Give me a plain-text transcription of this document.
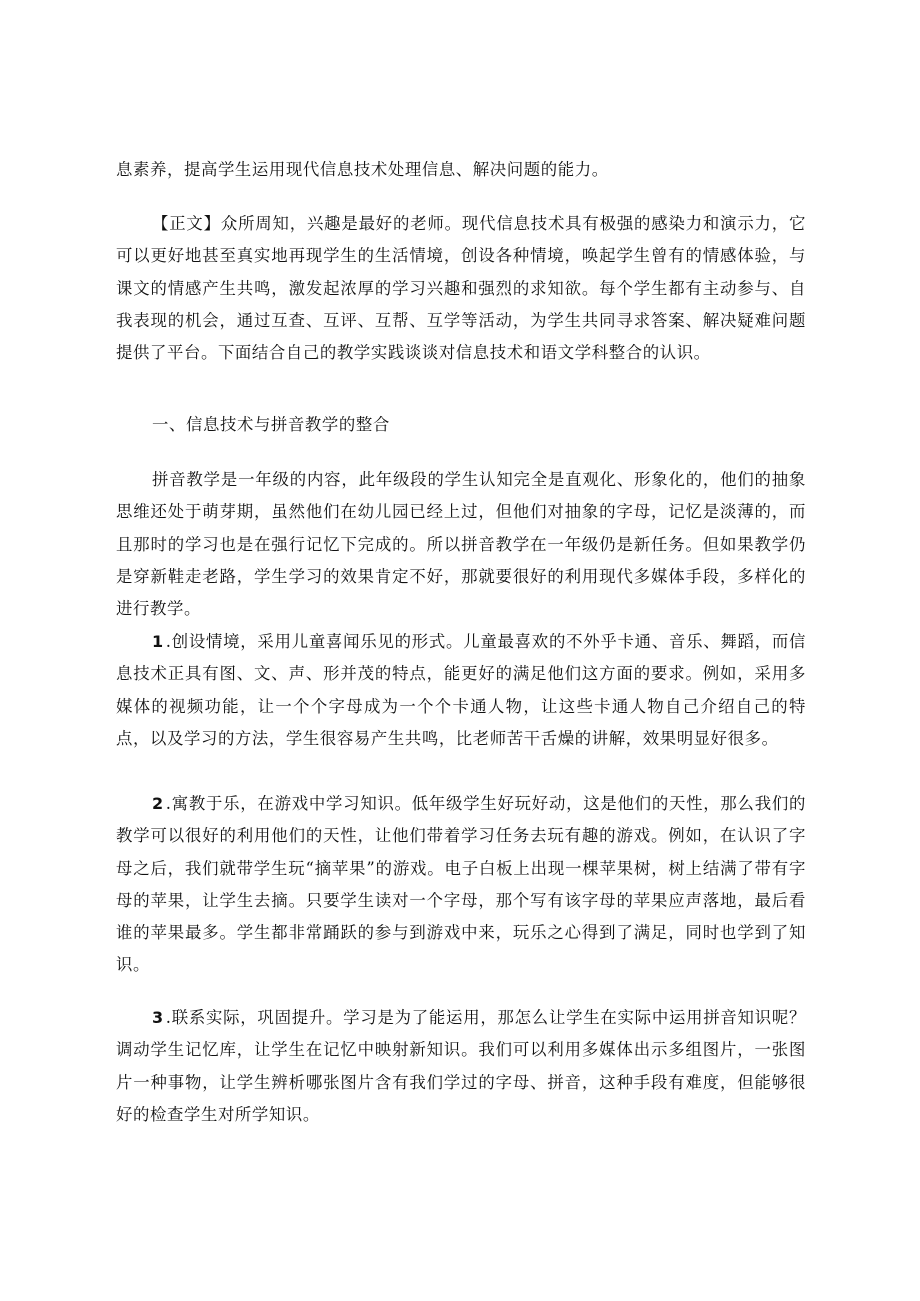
息素养，提高学生运用现代信息技术处理信息、解决问题的能力。

【正文】众所周知，兴趣是最好的老师。现代信息技术具有极强的感染力和演示力，它可以更好地甚至真实地再现学生的生活情境，创设各种情境，唤起学生曾有的情感体验，与课文的情感产生共鸣，激发起浓厚的学习兴趣和强烈的求知欲。每个学生都有主动参与、自我表现的机会，通过互查、互评、互帮、互学等活动，为学生共同寻求答案、解决疑难问题提供了平台。下面结合自己的教学实践谈谈对信息技术和语文学科整合的认识。

一、信息技术与拼音教学的整合

拼音教学是一年级的内容，此年级段的学生认知完全是直观化、形象化的，他们的抽象思维还处于萌芽期，虽然他们在幼儿园已经上过，但他们对抽象的字母，记忆是淡薄的，而且那时的学习也是在强行记忆下完成的。所以拼音教学在一年级仍是新任务。但如果教学仍是穿新鞋走老路，学生学习的效果肯定不好，那就要很好的利用现代多媒体手段，多样化的进行教学。

1 .创设情境，采用儿童喜闻乐见的形式。儿童最喜欢的不外乎卡通、音乐、舞蹈，而信息技术正具有图、文、声、形并茂的特点，能更好的满足他们这方面的要求。例如，采用多媒体的视频功能，让一个个字母成为一个个卡通人物，让这些卡通人物自己介绍自己的特点，以及学习的方法，学生很容易产生共鸣，比老师苦干舌燥的讲解，效果明显好很多。

2 .寓教于乐，在游戏中学习知识。低年级学生好玩好动，这是他们的天性，那么我们的教学可以很好的利用他们的天性，让他们带着学习任务去玩有趣的游戏。例如，在认识了字母之后，我们就带学生玩“摘苹果”的游戏。电子白板上出现一棵苹果树，树上结满了带有字母的苹果，让学生去摘。只要学生读对一个字母，那个写有该字母的苹果应声落地，最后看谁的苹果最多。学生都非常踊跃的参与到游戏中来，玩乐之心得到了满足，同时也学到了知识。

3 .联系实际，巩固提升。学习是为了能运用，那怎么让学生在实际中运用拼音知识呢？调动学生记忆库，让学生在记忆中映射新知识。我们可以利用多媒体出示多组图片，一张图片一种事物，让学生辨析哪张图片含有我们学过的字母、拼音，这种手段有难度，但能够很好的检查学生对所学知识。
